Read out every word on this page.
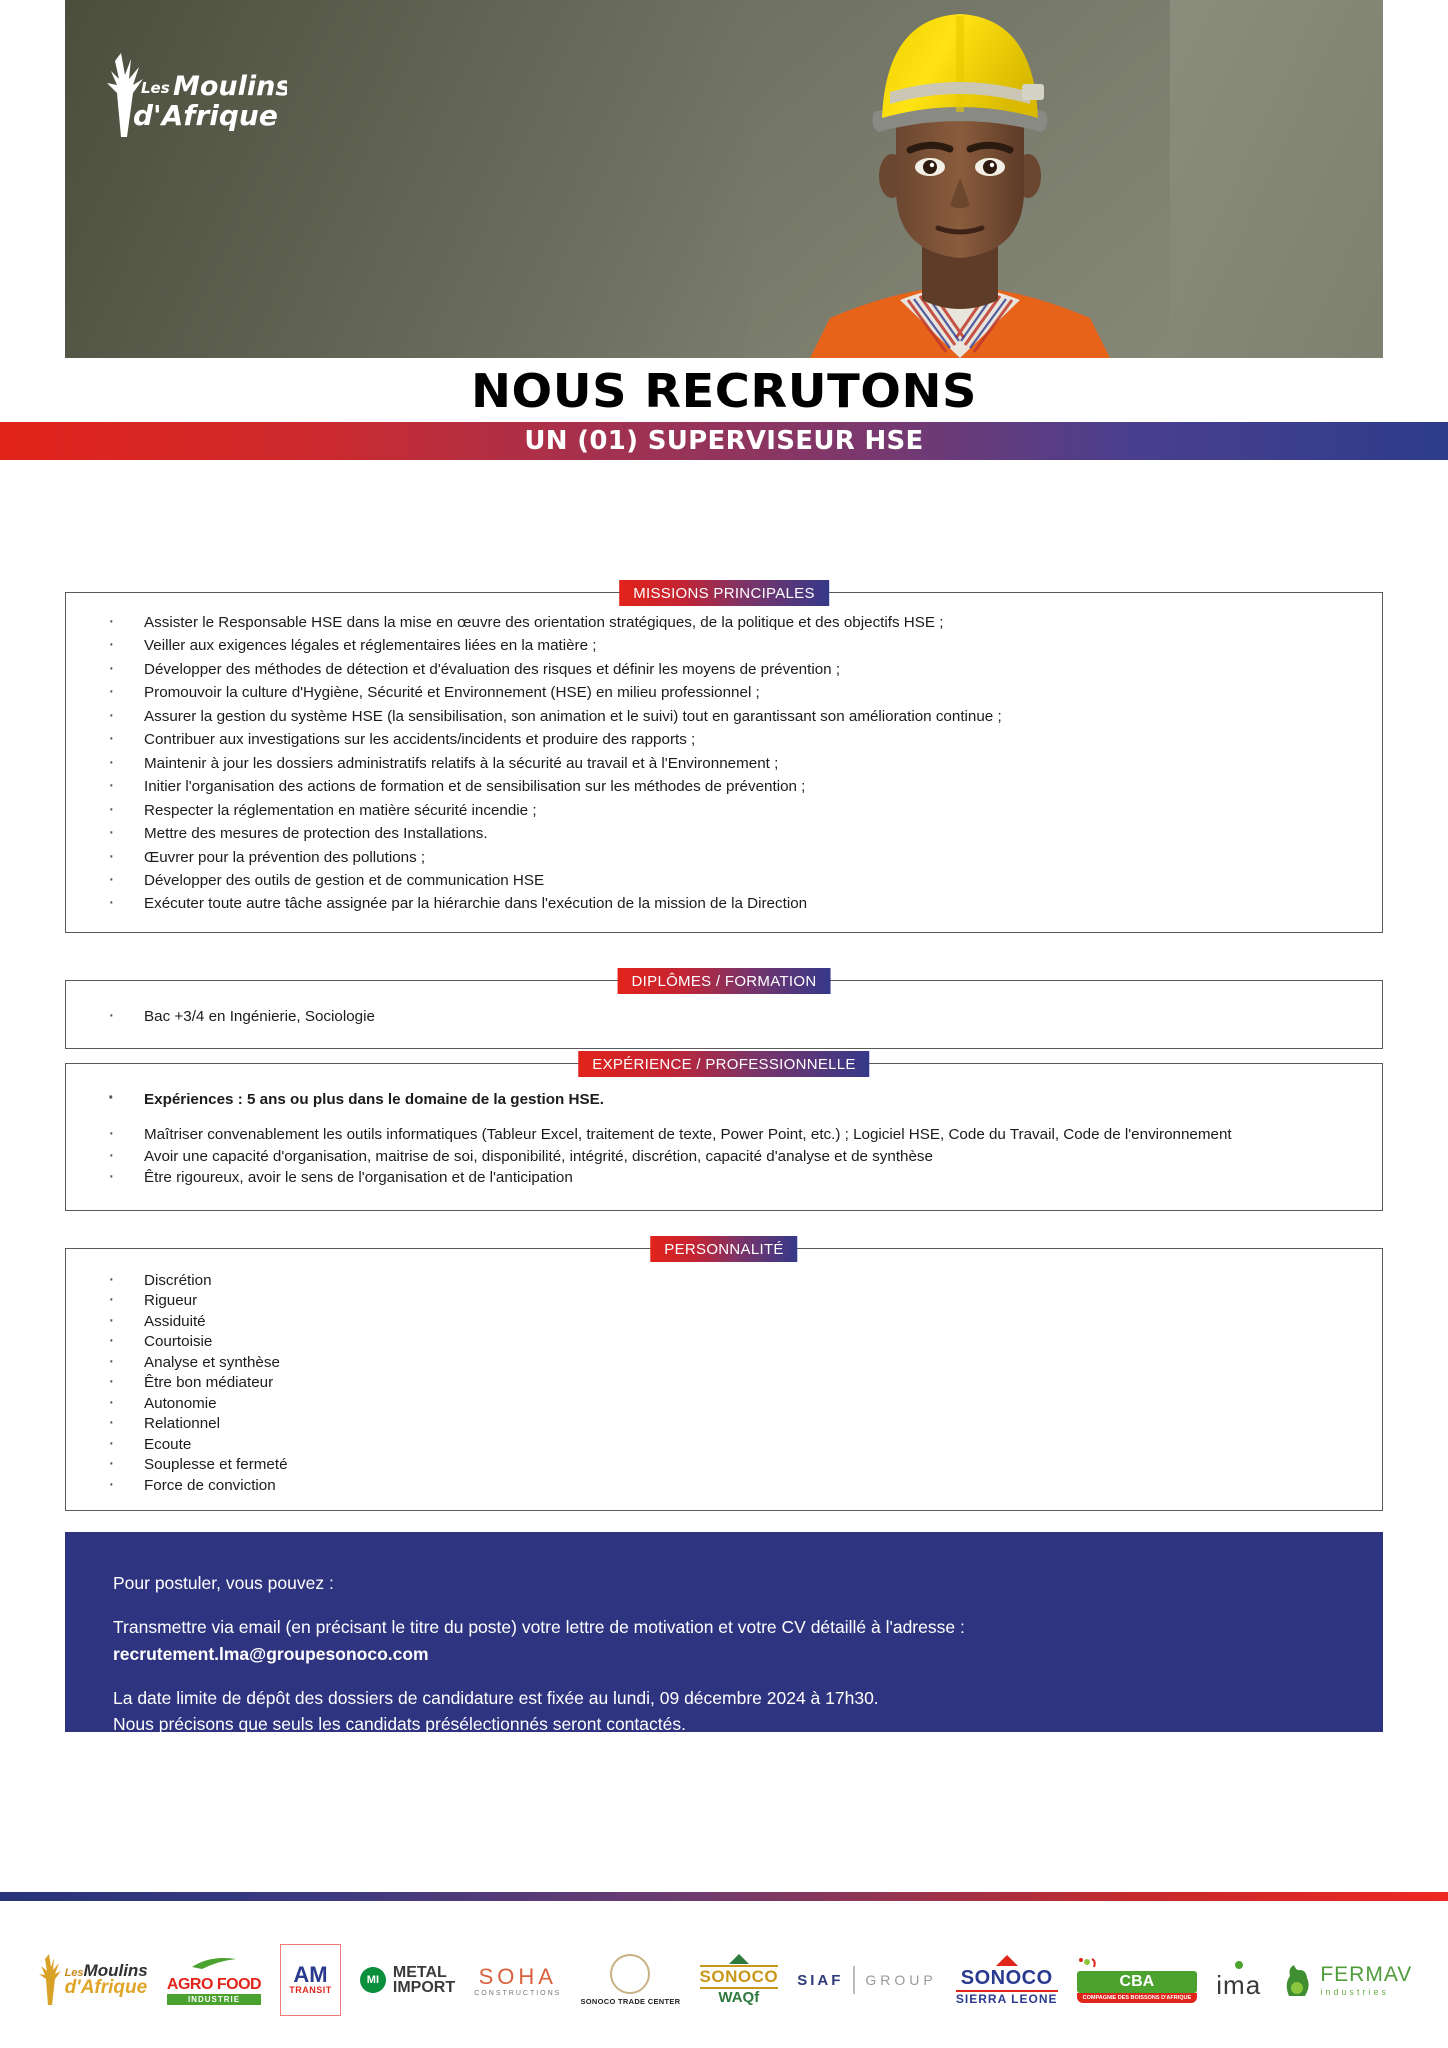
Les Moulins
d'Afrique
NOUS RECRUTONS
UN (01) SUPERVISEUR HSE
MISSIONS PRINCIPALES
· Assister le Responsable HSE dans la mise en œuvre des orientation stratégiques, de la politique et des objectifs HSE ;
· Veiller aux exigences légales et réglementaires liées en la matière ;
· Développer des méthodes de détection et d'évaluation des risques et définir les moyens de prévention ;
· Promouvoir la culture d'Hygiène, Sécurité et Environnement (HSE) en milieu professionnel ;
· Assurer la gestion du système HSE (la sensibilisation, son animation et le suivi) tout en garantissant son amélioration continue ;
· Contribuer aux investigations sur les accidents/incidents et produire des rapports ;
· Maintenir à jour les dossiers administratifs relatifs à la sécurité au travail et à l'Environnement ;
· Initier l'organisation des actions de formation et de sensibilisation sur les méthodes de prévention ;
· Respecter la réglementation en matière sécurité incendie ;
· Mettre des mesures de protection des Installations.
· Œuvrer pour la prévention des pollutions ;
· Développer des outils de gestion et de communication HSE
· Exécuter toute autre tâche assignée par la hiérarchie dans l'exécution de la mission de la Direction
DIPLÔMES / FORMATION
· Bac +3/4 en Ingénierie, Sociologie
EXPÉRIENCE / PROFESSIONNELLE
· Expériences : 5 ans ou plus dans le domaine de la gestion HSE.
· Maîtriser convenablement les outils informatiques (Tableur Excel, traitement de texte, Power Point, etc.) ; Logiciel HSE, Code du Travail, Code de l'environnement
· Avoir une capacité d'organisation, maitrise de soi, disponibilité, intégrité, discrétion, capacité d'analyse et de synthèse
· Être rigoureux, avoir le sens de l'organisation et de l'anticipation
PERSONNALITÉ
· Discrétion
· Rigueur
· Assiduité
· Courtoisie
· Analyse et synthèse
· Être bon médiateur
· Autonomie
· Relationnel
· Ecoute
· Souplesse et fermeté
· Force de conviction
Pour postuler, vous pouvez :
Transmettre via email (en précisant le titre du poste) votre lettre de motivation et votre CV détaillé à l'adresse :
recrutement.lma@groupesonoco.com
La date limite de dépôt des dossiers de candidature est fixée au lundi, 09 décembre 2024 à 17h30.
Nous précisons que seuls les candidats présélectionnés seront contactés.
LesMoulins
d'Afrique AGRO FOOD
INDUSTRIE
AM
TRANSIT
MI METAL
IMPORT SOHA
CONSTRUCTIONS
SONOCO TRADE CENTER
SONOCO
WAQf
SIAF GROUP SONOCO
SIERRA LEONE
CBA
COMPAGNIE DES BOISSONS D'AFRIQUE ima	FERMAV
industries
